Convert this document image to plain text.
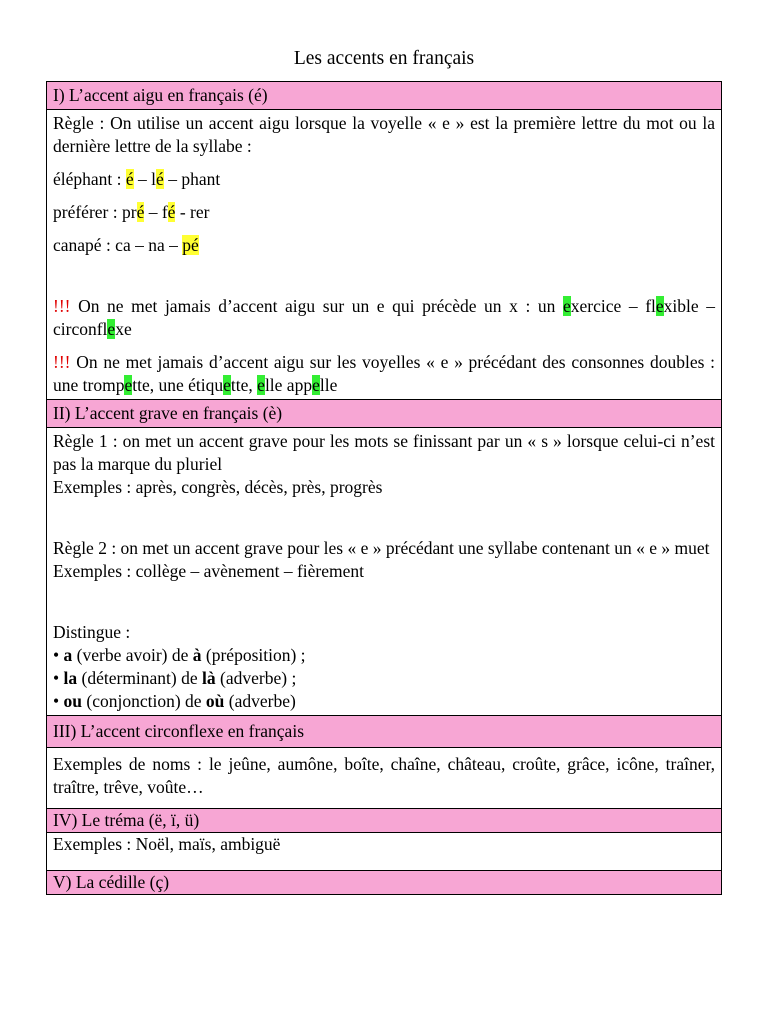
Les accents en français
I) L’accent aigu en français (é)

Règle : On utilise un accent aigu lorsque la voyelle « e » est la première lettre du mot ou la dernière lettre de la syllabe :

éléphant : é – lé – phant

préférer : pré – fé - rer

canapé : ca – na – pé

!!! On ne met jamais d’accent aigu sur un e qui précède un x : un exercice – flexible – circonflexe

!!! On ne met jamais d’accent aigu sur les voyelles « e » précédant des consonnes doubles : une trompette, une étiquette, elle appelle

II) L’accent grave en français (è)

Règle 1 : on met un accent grave pour les mots se finissant par un « s » lorsque celui-ci n’est pas la marque du pluriel

Exemples : après, congrès, décès, près, progrès

Règle 2 : on met un accent grave pour les « e » précédant une syllabe contenant un « e » muet

Exemples : collège – avènement – fièrement

Distingue :

• a (verbe avoir) de à (préposition) ;

• la (déterminant) de là (adverbe) ;

• ou (conjonction) de où (adverbe)

III) L’accent circonflexe en français
Exemples de noms : le jeûne, aumône, boîte, chaîne, château, croûte, grâce, icône, traîner, traître, trêve, voûte…
IV) Le tréma (ë, ï, ü)
Exemples : Noël, maïs, ambiguë
V) La cédille (ç)
